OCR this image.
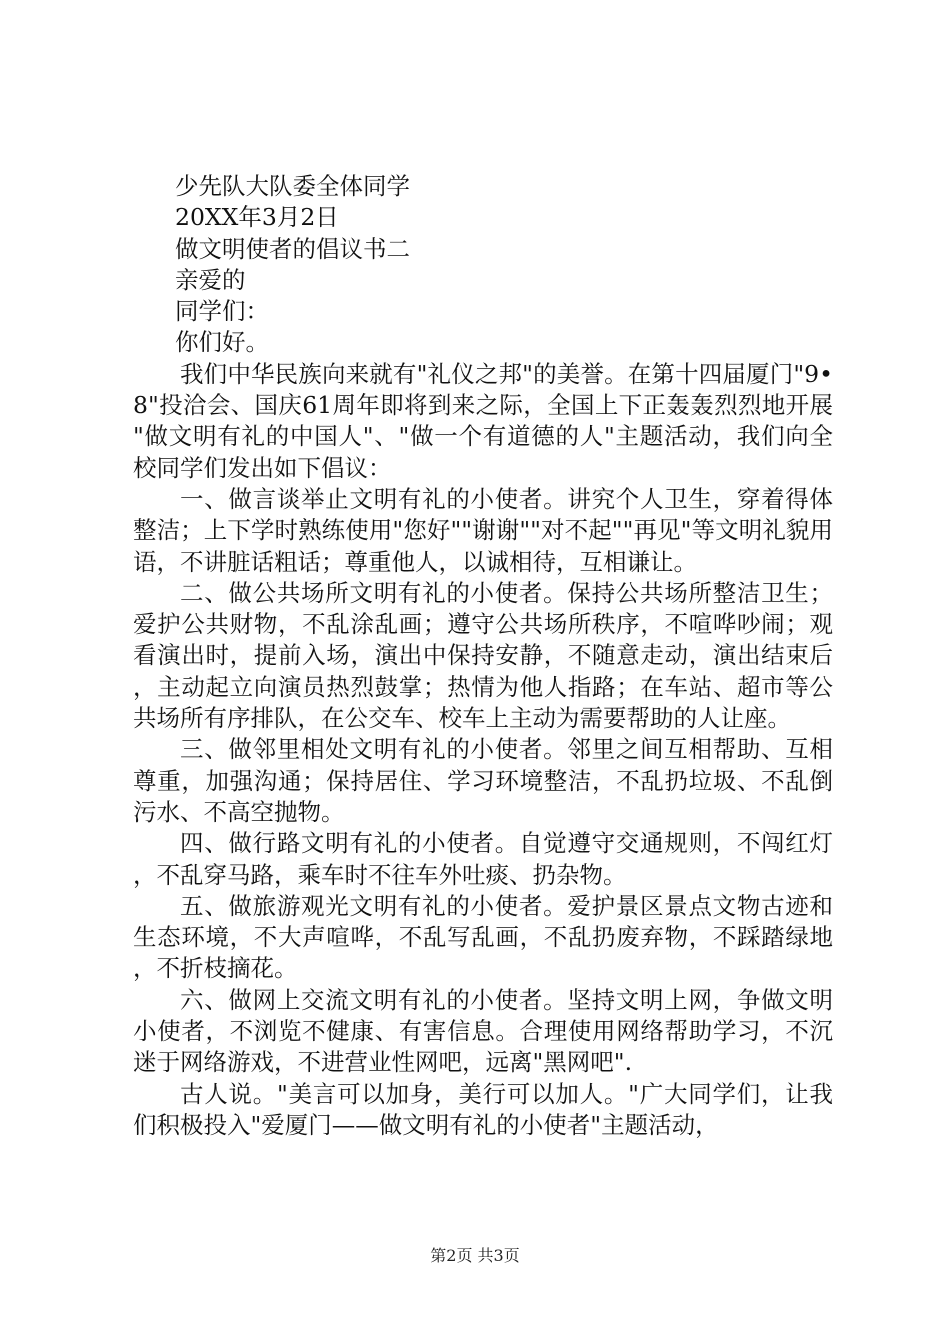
少先队大队委全体同学

20XX年3月2日

做文明使者的倡议书二

亲爱的

同学们：

你们好。

我们中华民族向来就有"礼仪之邦"的美誉。在第十四届厦门"9•8"投洽会、国庆61周年即将到来之际，全国上下正轰轰烈烈地开展"做文明有礼的中国人"、"做一个有道德的人"主题活动，我们向全校同学们发出如下倡议：

一、做言谈举止文明有礼的小使者。讲究个人卫生，穿着得体整洁；上下学时熟练使用"您好""谢谢""对不起""再见"等文明礼貌用语，不讲脏话粗话；尊重他人，以诚相待，互相谦让。

二、做公共场所文明有礼的小使者。保持公共场所整洁卫生；爱护公共财物，不乱涂乱画；遵守公共场所秩序，不喧哗吵闹；观看演出时，提前入场，演出中保持安静，不随意走动，演出结束后，主动起立向演员热烈鼓掌；热情为他人指路；在车站、超市等公共场所有序排队，在公交车、校车上主动为需要帮助的人让座。

三、做邻里相处文明有礼的小使者。邻里之间互相帮助、互相尊重，加强沟通；保持居住、学习环境整洁，不乱扔垃圾、不乱倒污水、不高空抛物。

四、做行路文明有礼的小使者。自觉遵守交通规则，不闯红灯，不乱穿马路，乘车时不往车外吐痰、扔杂物。

五、做旅游观光文明有礼的小使者。爱护景区景点文物古迹和生态环境，不大声喧哗，不乱写乱画，不乱扔废弃物，不踩踏绿地，不折枝摘花。

六、做网上交流文明有礼的小使者。坚持文明上网，争做文明小使者，不浏览不健康、有害信息。合理使用网络帮助学习，不沉迷于网络游戏，不进营业性网吧，远离"黑网吧".

古人说。"美言可以加身，美行可以加人。"广大同学们，让我们积极投入"爱厦门——做文明有礼的小使者"主题活动，

第2页 共3页
